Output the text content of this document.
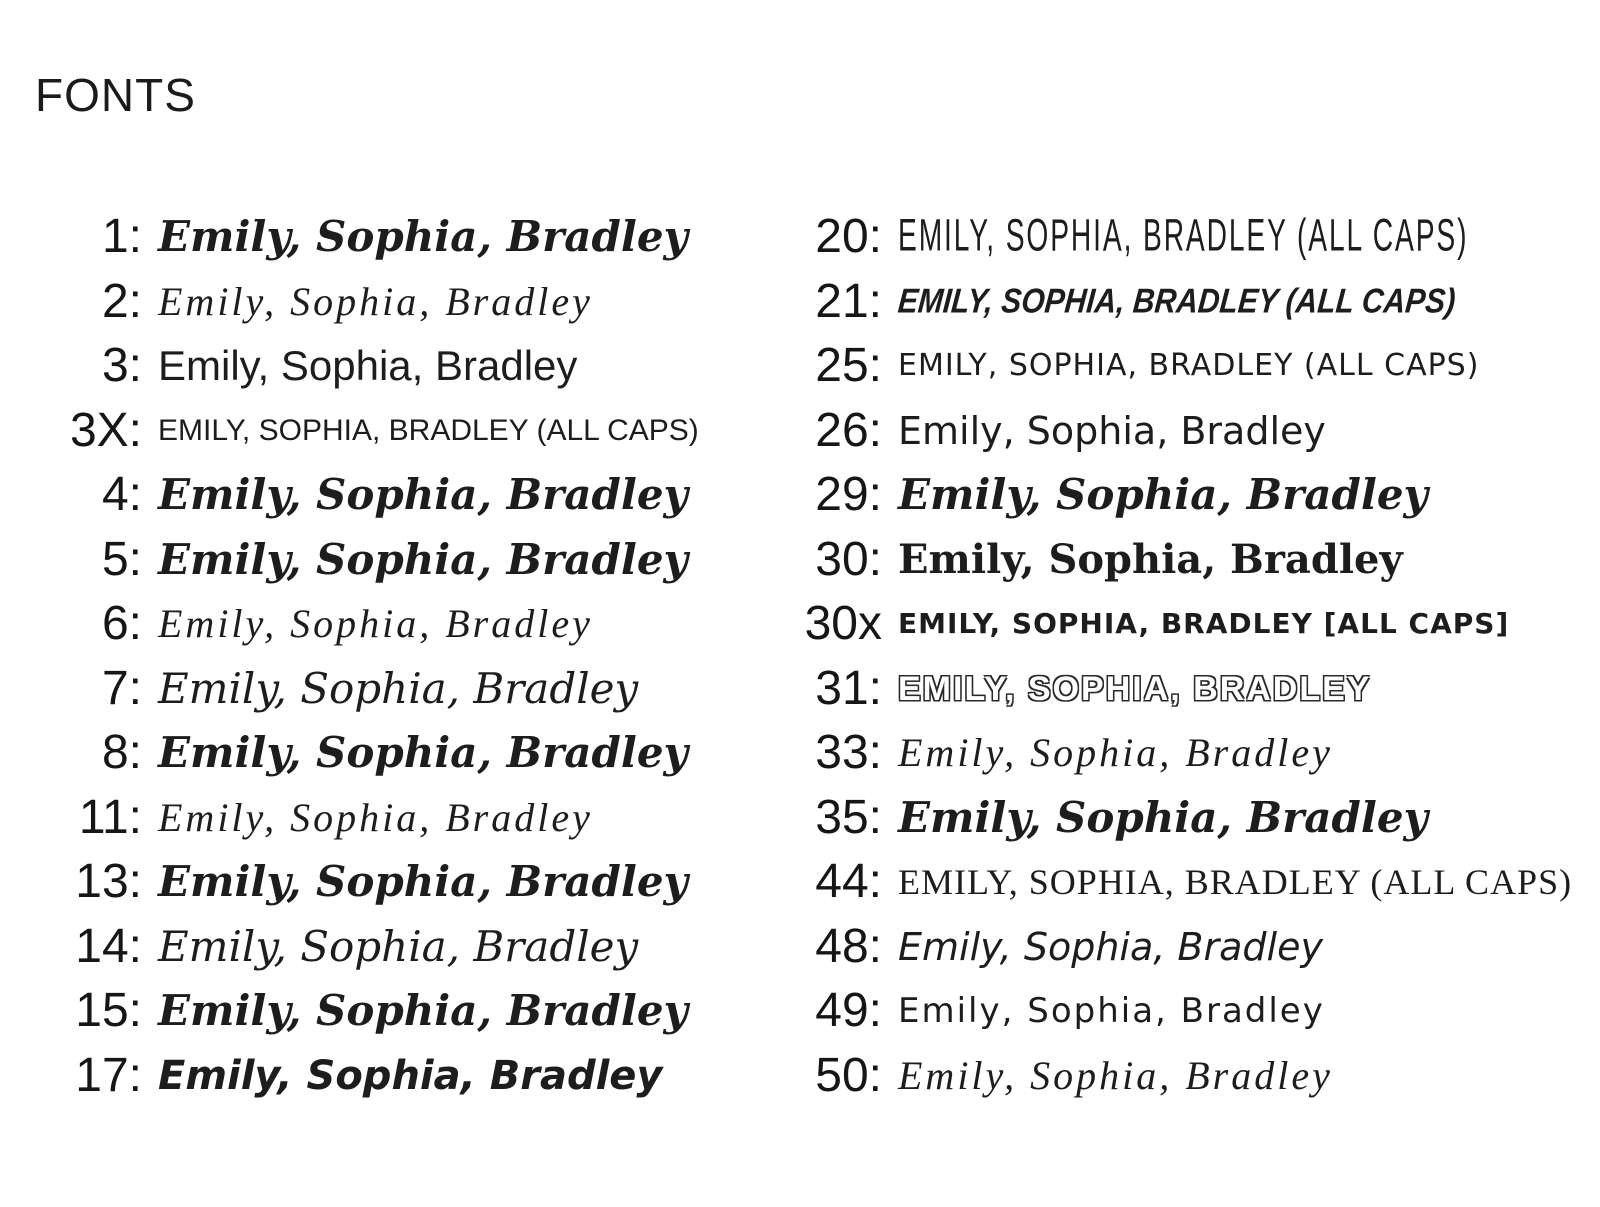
FONTS
1: Emily, Sophia, Bradley
2: Emily, Sophia, Bradley
3: Emily, Sophia, Bradley
3X: EMILY, SOPHIA, BRADLEY (ALL CAPS)
4: Emily, Sophia, Bradley
5: Emily, Sophia, Bradley
6: Emily, Sophia, Bradley
7: Emily, Sophia, Bradley
8: Emily, Sophia, Bradley
11: Emily, Sophia, Bradley
13: Emily, Sophia, Bradley
14: Emily, Sophia, Bradley
15: Emily, Sophia, Bradley
17: Emily, Sophia, Bradley
20: EMILY, SOPHIA, BRADLEY (ALL CAPS)
21: EMILY, SOPHIA, BRADLEY (ALL CAPS)
25: EMILY, SOPHIA, BRADLEY (ALL CAPS)
26: Emily, Sophia, Bradley
29: Emily, Sophia, Bradley
30: Emily, Sophia, Bradley
30x EMILY, SOPHIA, BRADLEY [ALL CAPS]
31: EMILY, SOPHIA, BRADLEY
33: Emily, Sophia, Bradley
35: Emily, Sophia, Bradley
44: EMILY, SOPHIA, BRADLEY (ALL CAPS)
48: Emily, Sophia, Bradley
49: Emily, Sophia, Bradley
50: Emily, Sophia, Bradley
